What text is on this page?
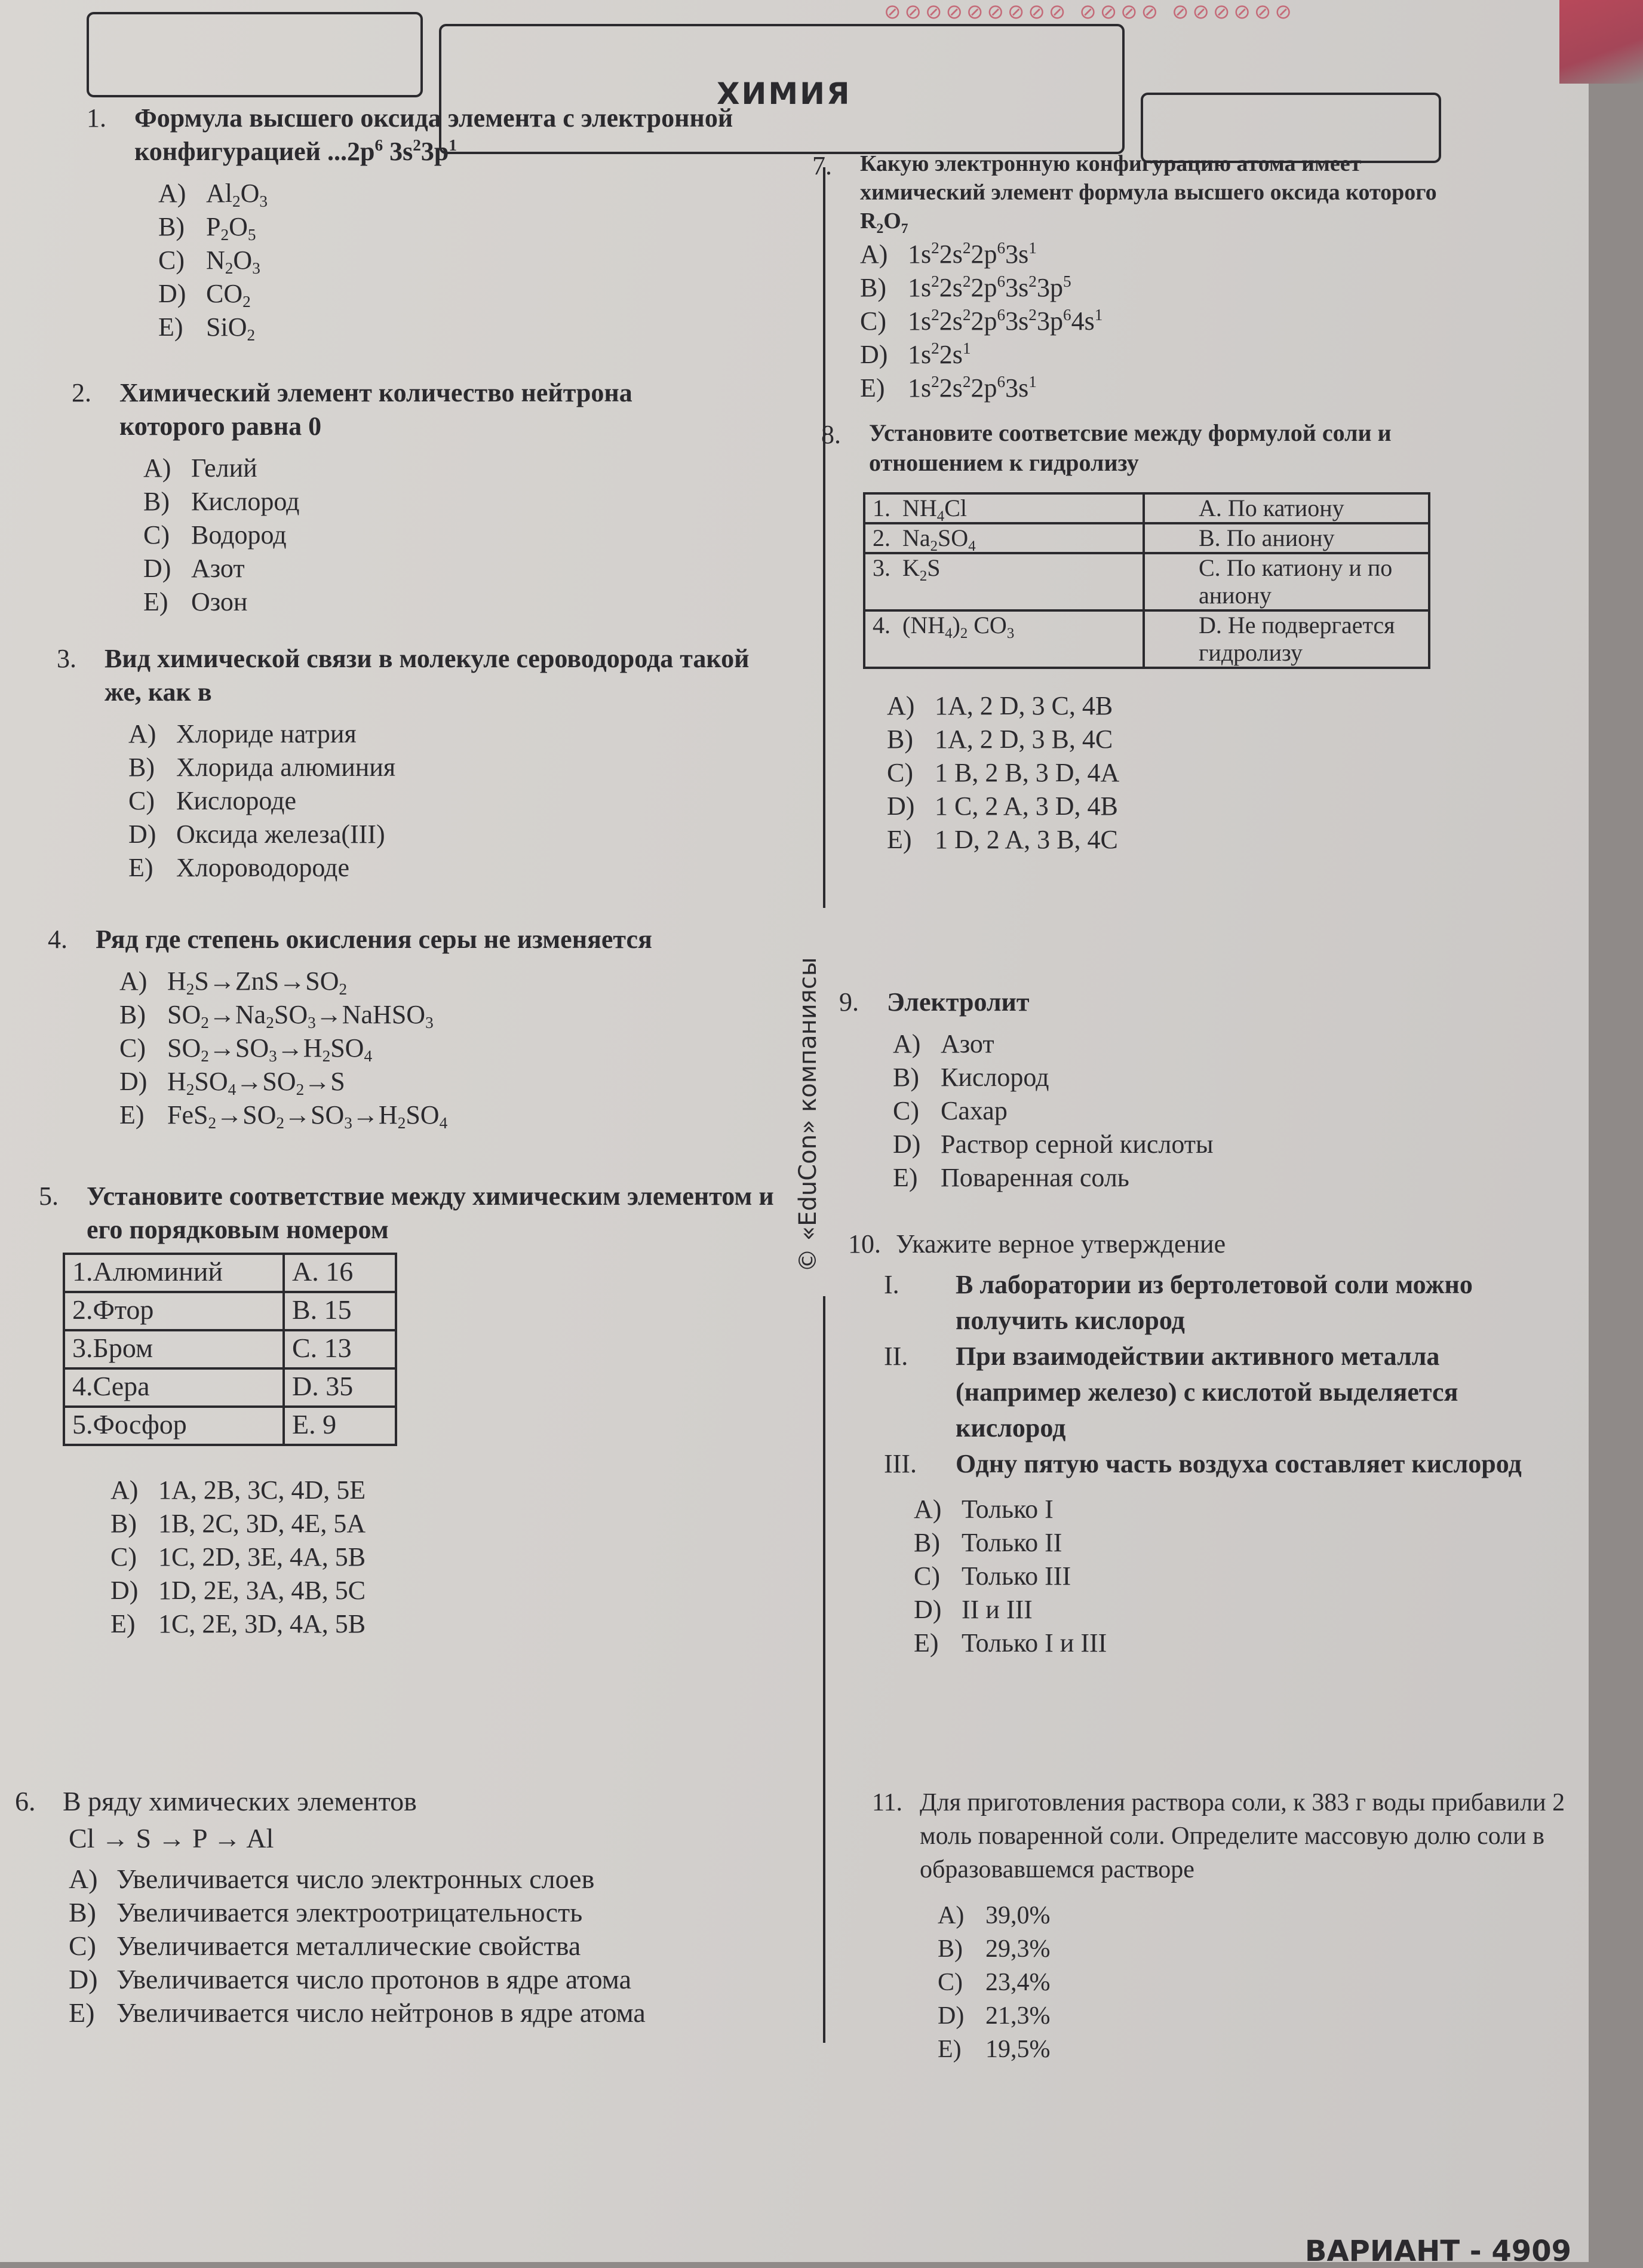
⊘⊘⊘⊘⊘⊘⊘⊘⊘ ⊘⊘⊘⊘ ⊘⊘⊘⊘⊘⊘
ХИМИЯ
1. Формула высшего оксида элемента с электронной конфигурацией $...2p^6$ $3s^23p^1$
A) $Al_2O_3$
B) $P_2O_5$
C) $N_2O_3$
D) $CO_2$
E) SiO$_2$
2. Химический элемент количество нейтрона которого равна 0
A) Гелий
B) Кислород
C) Водород
D) Азот
E) Озон
3. Вид химической связи в молекуле сероводорода такой же, как в
A) Хлориде натрия
B) Хлорида алюминия
C) Кислороде
D) Оксида железа(III)
E) Хлороводороде
4. Ряд где степень окисления серы не изменяется
A) $H_2S\to ZnS\to SO_2$
B) $SO_2\to Na_2SO_3\to NaHSO_3$
C) $SO_2\to SO_3\to H_2SO_4$
D) $H_2SO_4\to SO_2\to S$
E) $FeS_2\to SO_2\to SO_3\to H_2SO_4$
5. Установите соответствие между химическим элементом и его порядковым номером
1.Алюминий	A. 16
2.Фтор	B. 15
3.Бром	C. 13
4.Сера	D. 35
5.Фосфор	E. 9
A) 1A, 2B, 3C, 4D, 5E
B) 1B, 2C, 3D, 4E, 5A
C) 1C, 2D, 3E, 4A, 5B
D) 1D, 2E, 3A, 4B, 5C
E) 1C, 2E, 3D, 4A, 5B
6. В ряду химических элементов
Cl → S → P → Al
A) Увеличивается число электронных слоев
B) Увеличивается электроотрицательность
C) Увеличивается металлические свойства
D) Увеличивается число протонов в ядре атома
E) Увеличивается число нейтронов в ядре атома
© «EduCon» компаниясы
7. Какую электронную конфигурацию атома имеет химический элемент формула высшего оксида которого $R_2O_7$
A) $1s^22s^22p^63s^1$
B) $1s^22s^22p^63s^23p^5$
C) $1s^22s^22p^63s^23p^64s^1$
D) $1s^22s^1$
E) $1s^22s^22p^63s^1$
8. Установите соответсвие между формулой соли и отношением к гидролизу
1.  $NH_4Cl$	A. По катиону
2.  $Na_2SO_4$	B. По аниону
3.  $K_2S$	C. По катиону и по аниону
4.  $(NH_4)_2$ $CO_3$	D. Не подвергается гидролизу
A) 1A, 2 D, 3 C, 4B
B) 1A, 2 D, 3 B, 4C
C) 1 B, 2 B, 3 D, 4A
D) 1 C, 2 A, 3 D, 4B
E) 1 D, 2 A, 3 B, 4C
9. Электролит
A) Азот
B) Кислород
C) Сахар
D) Раствор серной кислоты
E) Поваренная соль
10. Укажите верное утверждение
I.	В лаборатории из бертолетовой соли можно получить кислород
II.	При взаимодействии активного металла (например железо) с кислотой выделяется кислород
III.	Одну пятую часть воздуха составляет кислород
A) Только I
B) Только II
C) Только III
D) II и III
E) Только I и III
11. Для приготовления раствора соли, к 383 г воды прибавили 2 моль поваренной соли. Определите массовую долю соли в образовавшемся растворе
A) 39,0%
B) 29,3%
C) 23,4%
D) 21,3%
E) 19,5%
ВАРИАНТ - 4909
